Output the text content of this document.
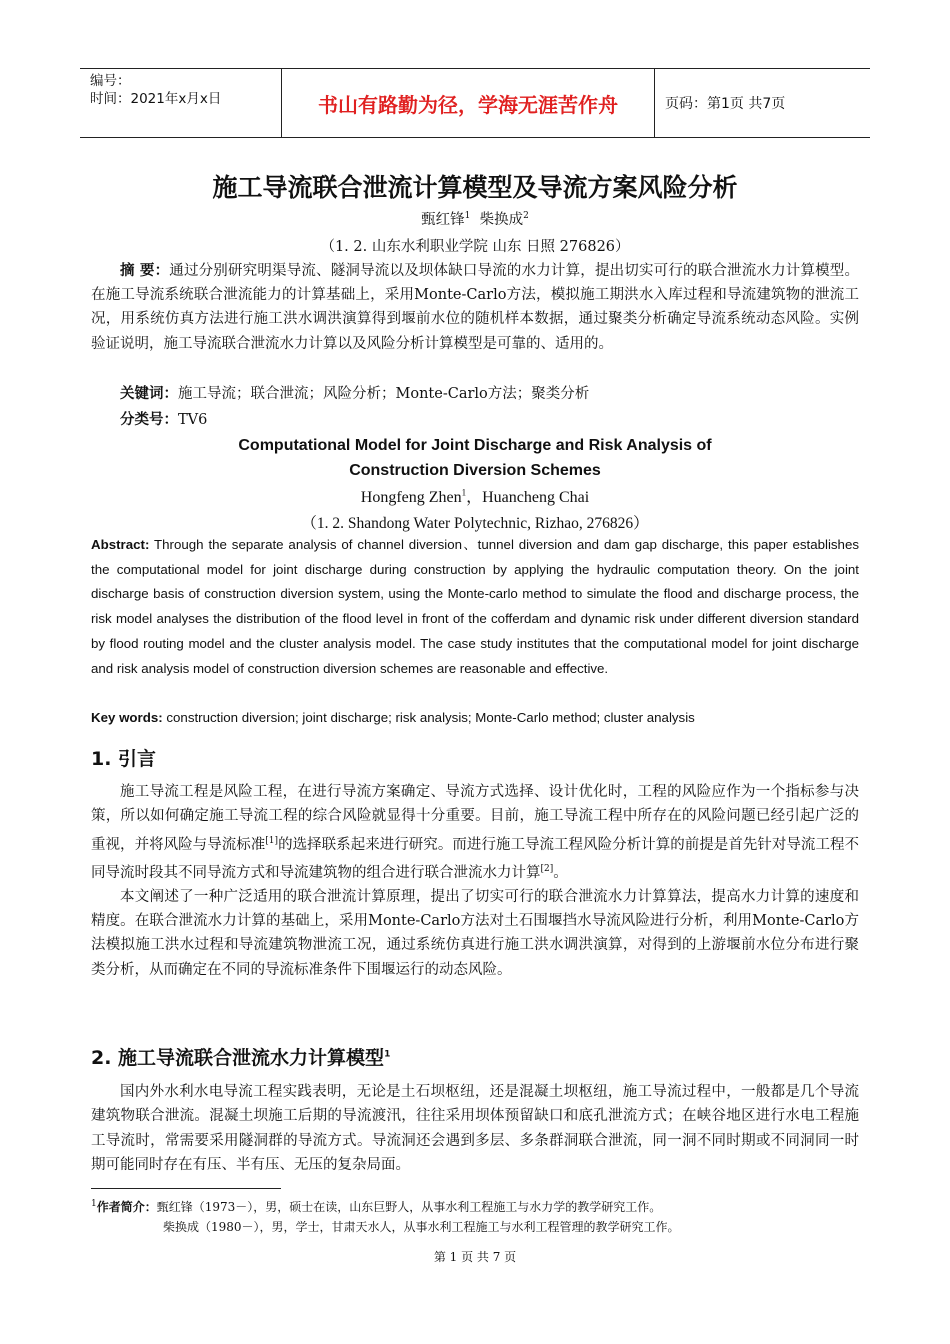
编号：
时间：2021年x月x日	书山有路勤为径，学海无涯苦作舟	页码：第1页 共7页
施工导流联合泄流计算模型及导流方案风险分析
甄红锋$^1$ 柴换成$^2$
（1. 2. 山东水利职业学院 山东 日照 276826）
摘 要：通过分别研究明渠导流、隧洞导流以及坝体缺口导流的水力计算，提出切实可行的联合泄流水力计算模型。在施工导流系统联合泄流能力的计算基础上，采用Monte-Carlo方法，模拟施工期洪水入库过程和导流建筑物的泄流工况，用系统仿真方法进行施工洪水调洪演算得到堰前水位的随机样本数据，通过聚类分析确定导流系统动态风险。实例验证说明，施工导流联合泄流水力计算以及风险分析计算模型是可靠的、适用的。
关键词：施工导流；联合泄流；风险分析；Monte-Carlo方法；聚类分析
分类号：TV6
Computational Model for Joint Discharge and Risk Analysis of
Construction Diversion Schemes
Hongfeng Zhen$^1$，Huancheng Chai
（1. 2. Shandong Water Polytechnic, Rizhao, 276826）
Abstract: Through the separate analysis of channel diversion、tunnel diversion and dam gap discharge, this paper establishes the computational model for joint discharge during construction by applying the hydraulic computation theory. On the joint discharge basis of construction diversion system, using the Monte-carlo method to simulate the flood and discharge process, the risk model analyses the distribution of the flood level in front of the cofferdam and dynamic risk under different diversion standard by flood routing model and the cluster analysis model. The case study institutes that the computational model for joint discharge and risk analysis model of construction diversion schemes are reasonable and effective.
Key words: construction diversion; joint discharge; risk analysis; Monte-Carlo method; cluster analysis
1. 引言

施工导流工程是风险工程，在进行导流方案确定、导流方式选择、设计优化时，工程的风险应作为一个指标参与决策，所以如何确定施工导流工程的综合风险就显得十分重要。目前，施工导流工程中所存在的风险问题已经引起广泛的重视，并将风险与导流标准[1]的选择联系起来进行研究。而进行施工导流工程风险分析计算的前提是首先针对导流工程不同导流时段其不同导流方式和导流建筑物的组合进行联合泄流水力计算[2]。

本文阐述了一种广泛适用的联合泄流计算原理，提出了切实可行的联合泄流水力计算算法，提高水力计算的速度和精度。在联合泄流水力计算的基础上，采用Monte-Carlo方法对土石围堰挡水导流风险进行分析，利用Monte-Carlo方法模拟施工洪水过程和导流建筑物泄流工况，通过系统仿真进行施工洪水调洪演算，对得到的上游堰前水位分布进行聚类分析，从而确定在不同的导流标准条件下围堰运行的动态风险。

2. 施工导流联合泄流水力计算模型$^1$

国内外水利水电导流工程实践表明，无论是土石坝枢纽，还是混凝土坝枢纽，施工导流过程中，一般都是几个导流建筑物联合泄流。混凝土坝施工后期的导流渡汛，往往采用坝体预留缺口和底孔泄流方式；在峡谷地区进行水电工程施工导流时，常需要采用隧洞群的导流方式。导流洞还会遇到多层、多条群洞联合泄流，同一洞不同时期或不同洞同一时期可能同时存在有压、半有压、无压的复杂局面。

$^1$作者简介：甄红锋（1973－），男，硕士在读，山东巨野人，从事水利工程施工与水力学的教学研究工作。
柴换成（1980－），男，学士，甘肃天水人，从事水利工程施工与水利工程管理的教学研究工作。
第 1 页 共 7 页
